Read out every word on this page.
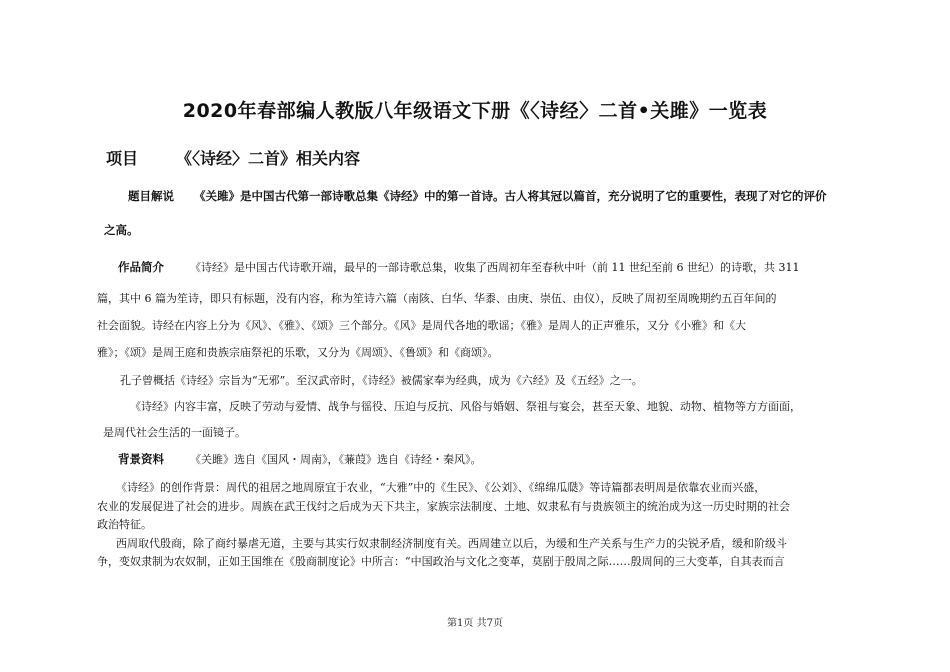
2020年春部编人教版八年级语文下册《〈诗经〉二首•关雎》一览表
项目 《〈诗经〉二首》相关内容
题目解说 《关雎》是中国古代第一部诗歌总集《诗经》中的第一首诗。古人将其冠以篇首，充分说明了它的重要性，表现了对它的评价
之高。
作品简介 《诗经》是中国古代诗歌开端，最早的一部诗歌总集，收集了西周初年至春秋中叶（前 11 世纪至前 6 世纪）的诗歌，共 311
篇，其中 6 篇为笙诗，即只有标题，没有内容，称为笙诗六篇（南陔、白华、华黍、由庚、崇伍、由仪），反映了周初至周晚期约五百年间的
社会面貌。诗经在内容上分为《风》、《雅》、《颂》三个部分。《风》是周代各地的歌谣；《雅》是周人的正声雅乐，又分《小雅》和《大
雅》；《颂》是周王庭和贵族宗庙祭祀的乐歌，又分为《周颂》、《鲁颂》和《商颂》。
孔子曾概括《诗经》宗旨为“无邪”。至汉武帝时，《诗经》被儒家奉为经典，成为《六经》及《五经》之一。
《诗经》内容丰富，反映了劳动与爱情、战争与徭役、压迫与反抗、风俗与婚姻、祭祖与宴会，甚至天象、地貌、动物、植物等方方面面，
是周代社会生活的一面镜子。
背景资料 《关雎》选自《国风・周南》，《蒹葭》选自《诗经・秦风》。
《诗经》的创作背景：周代的祖居之地周原宜于农业，“大雅”中的《生民》、《公刘》、《绵绵瓜瓞》等诗篇都表明周是依靠农业而兴盛，
农业的发展促进了社会的进步。周族在武王伐纣之后成为天下共主，家族宗法制度、土地、奴隶私有与贵族领主的统治成为这一历史时期的社会
政治特征。
西周取代殷商，除了商纣暴虐无道，主要与其实行奴隶制经济制度有关。西周建立以后，为缓和生产关系与生产力的尖锐矛盾，缓和阶级斗
争，变奴隶制为农奴制，正如王国维在《殷商制度论》中所言：“中国政治与文化之变革，莫剧于殷周之际……殷周间的三大变革，自其表而言
第1页 共7页
